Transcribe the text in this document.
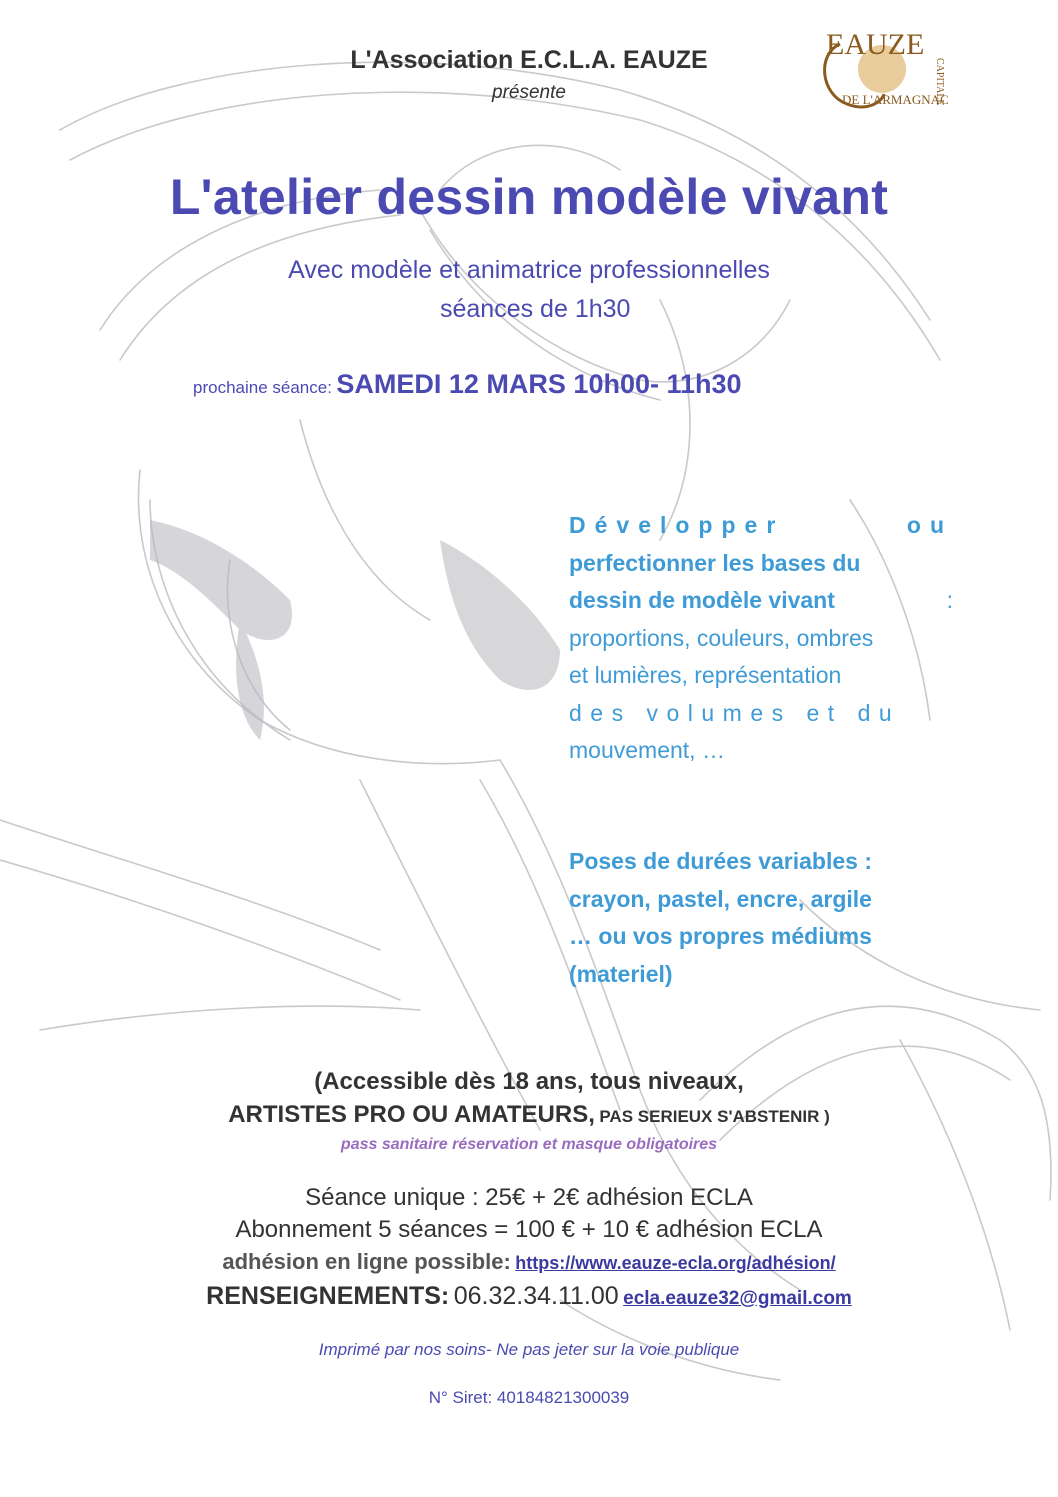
L'Association E.C.L.A. EAUZE
présente
EAUZE
CAPITALE
DE L'ARMAGNAC
L'atelier dessin modèle vivant
Avec modèle et animatrice professionnelles
séances de 1h30
prochaine séance: SAMEDI 12 MARS 10h00- 11h30
Développer	ou
perfectionner les bases du
dessin de modèle vivant	:
proportions, couleurs, ombres
et lumières, représentation
des volumes et du
mouvement, …
Poses de durées variables :
crayon, pastel, encre, argile
… ou vos propres médiums
(materiel)
(Accessible dès 18 ans, tous niveaux,
ARTISTES PRO OU AMATEURS, PAS SERIEUX S'ABSTENIR )
pass sanitaire réservation et masque obligatoires
Séance unique : 25€ + 2€ adhésion ECLA
Abonnement 5 séances = 100 € + 10 € adhésion ECLA
adhésion en ligne possible: https://www.eauze-ecla.org/adhésion/
RENSEIGNEMENTS: 06.32.34.11.00 ecla.eauze32@gmail.com
Imprimé par nos soins- Ne pas jeter sur la voie publique
N° Siret: 40184821300039
